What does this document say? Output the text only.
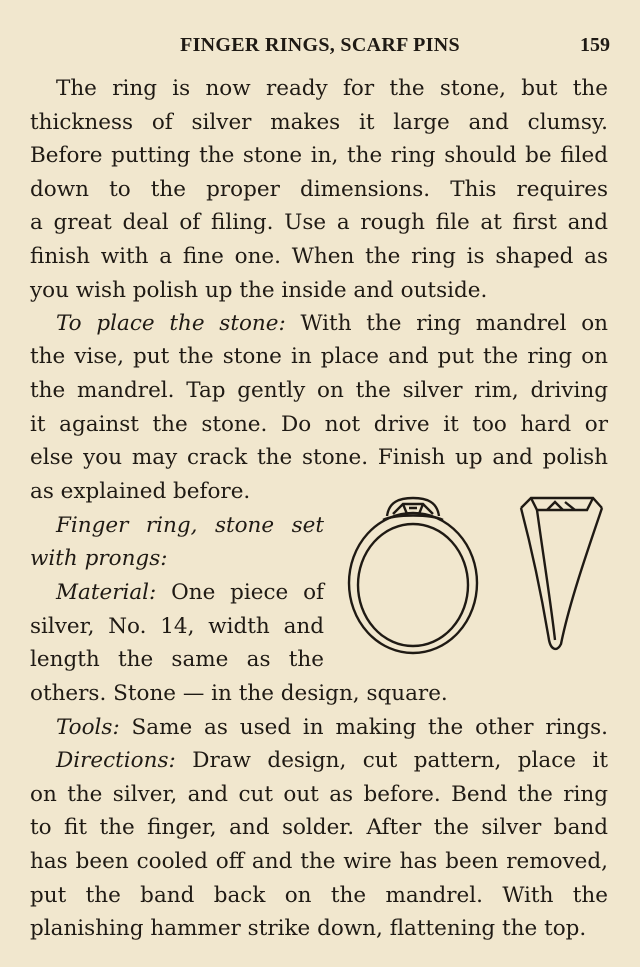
FINGER RINGS, SCARF PINS	159
The ring is now ready for the stone, but the
thickness of silver makes it large and clumsy.
Before putting the stone in, the ring should be filed
down to the proper dimensions. This requires
a great deal of filing. Use a rough file at first and
finish with a fine one. When the ring is shaped as
you wish polish up the inside and outside.
To place the stone: With the ring mandrel on
the vise, put the stone in place and put the ring on
the mandrel. Tap gently on the silver rim, driving
it against the stone. Do not drive it too hard or
else you may crack the stone. Finish up and polish
as explained before.
Finger ring, stone set
with prongs:
Material: One piece of
silver, No. 14, width and
length the same as the
others. Stone — in the design, square.
Tools: Same as used in making the other rings.
Directions: Draw design, cut pattern, place it
on the silver, and cut out as before. Bend the ring
to fit the finger, and solder. After the silver band
has been cooled off and the wire has been removed,
put the band back on the mandrel. With the
planishing hammer strike down, flattening the top.
